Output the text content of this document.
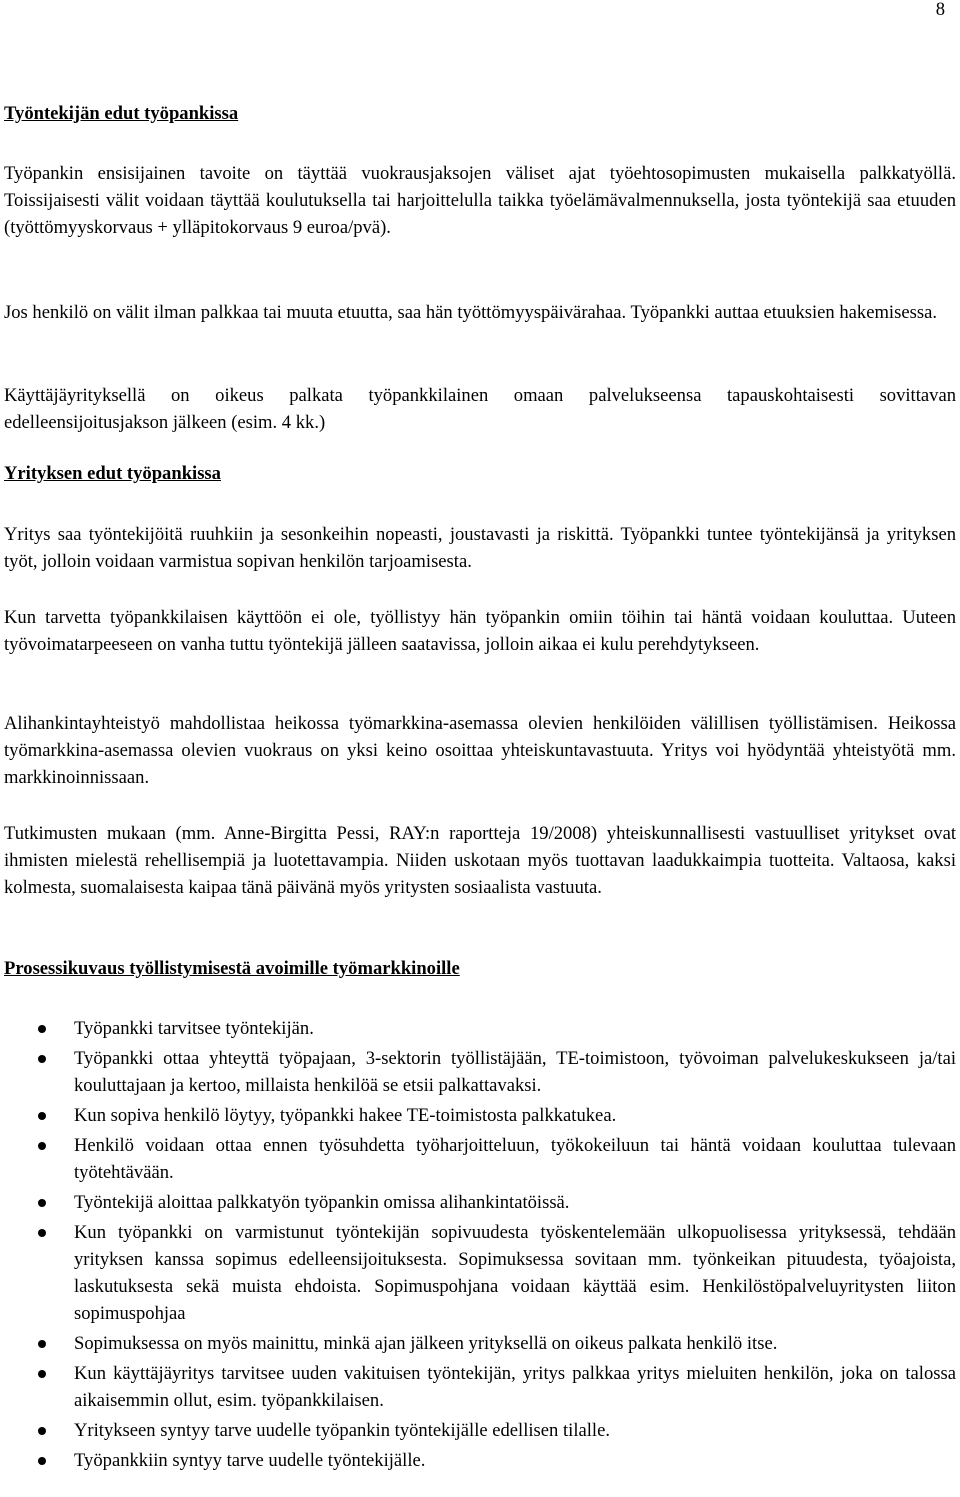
8
Työntekijän edut työpankissa

Työpankin ensisijainen tavoite on täyttää vuokrausjaksojen väliset ajat työehtosopimusten mukaisella palkkatyöllä. Toissijaisesti välit voidaan täyttää koulutuksella tai harjoittelulla taikka työelämävalmennuksella, josta työntekijä saa etuuden (työttömyyskorvaus + ylläpitokorvaus 9 euroa/pvä).

Jos henkilö on välit ilman palkkaa tai muuta etuutta, saa hän työttömyyspäivärahaa. Työpankki auttaa etuuksien hakemisessa.

Käyttäjäyrityksellä on oikeus palkata työpankkilainen omaan palvelukseensa tapauskohtaisesti sovittavan edelleensijoitusjakson jälkeen (esim. 4 kk.)

Yrityksen edut työpankissa

Yritys saa työntekijöitä ruuhkiin ja sesonkeihin nopeasti, joustavasti ja riskittä. Työpankki tuntee työntekijänsä ja yrityksen työt, jolloin voidaan varmistua sopivan henkilön tarjoamisesta.

Kun tarvetta työpankkilaisen käyttöön ei ole, työllistyy hän työpankin omiin töihin tai häntä voidaan kouluttaa. Uuteen työvoimatarpeeseen on vanha tuttu työntekijä jälleen saatavissa, jolloin aikaa ei kulu perehdytykseen.

Alihankintayhteistyö mahdollistaa heikossa työmarkkina-asemassa olevien henkilöiden välillisen työllistämisen. Heikossa työmarkkina-asemassa olevien vuokraus on yksi keino osoittaa yhteiskuntavastuuta. Yritys voi hyödyntää yhteistyötä mm. markkinoinnissaan.

Tutkimusten mukaan (mm. Anne-Birgitta Pessi, RAY:n raportteja 19/2008) yhteiskunnallisesti vastuulliset yritykset ovat ihmisten mielestä rehellisempiä ja luotettavampia. Niiden uskotaan myös tuottavan laadukkaimpia tuotteita. Valtaosa, kaksi kolmesta, suomalaisesta kaipaa tänä päivänä myös yritysten sosiaalista vastuuta.

Prosessikuvaus työllistymisestä avoimille työmarkkinoille
Työpankki tarvitsee työntekijän.
Työpankki ottaa yhteyttä työpajaan, 3-sektorin työllistäjään, TE-toimistoon, työvoiman palvelukeskukseen ja/tai kouluttajaan ja kertoo, millaista henkilöä se etsii palkattavaksi.
Kun sopiva henkilö löytyy, työpankki hakee TE-toimistosta palkkatukea.
Henkilö voidaan ottaa ennen työsuhdetta työharjoitteluun, työkokeiluun tai häntä voidaan kouluttaa tulevaan työtehtävään.
Työntekijä aloittaa palkkatyön työpankin omissa alihankintatöissä.
Kun työpankki on varmistunut työntekijän sopivuudesta työskentelemään ulkopuolisessa yrityksessä, tehdään yrityksen kanssa sopimus edelleensijoituksesta. Sopimuksessa sovitaan mm. työnkeikan pituudesta, työajoista, laskutuksesta sekä muista ehdoista. Sopimuspohjana voidaan käyttää esim. Henkilöstöpalveluyritysten liiton sopimuspohjaa
Sopimuksessa on myös mainittu, minkä ajan jälkeen yrityksellä on oikeus palkata henkilö itse.
Kun käyttäjäyritys tarvitsee uuden vakituisen työntekijän, yritys palkkaa yritys mieluiten henkilön, joka on talossa aikaisemmin ollut, esim. työpankkilaisen.
Yritykseen syntyy tarve uudelle työpankin työntekijälle edellisen tilalle.
Työpankkiin syntyy tarve uudelle työntekijälle.
